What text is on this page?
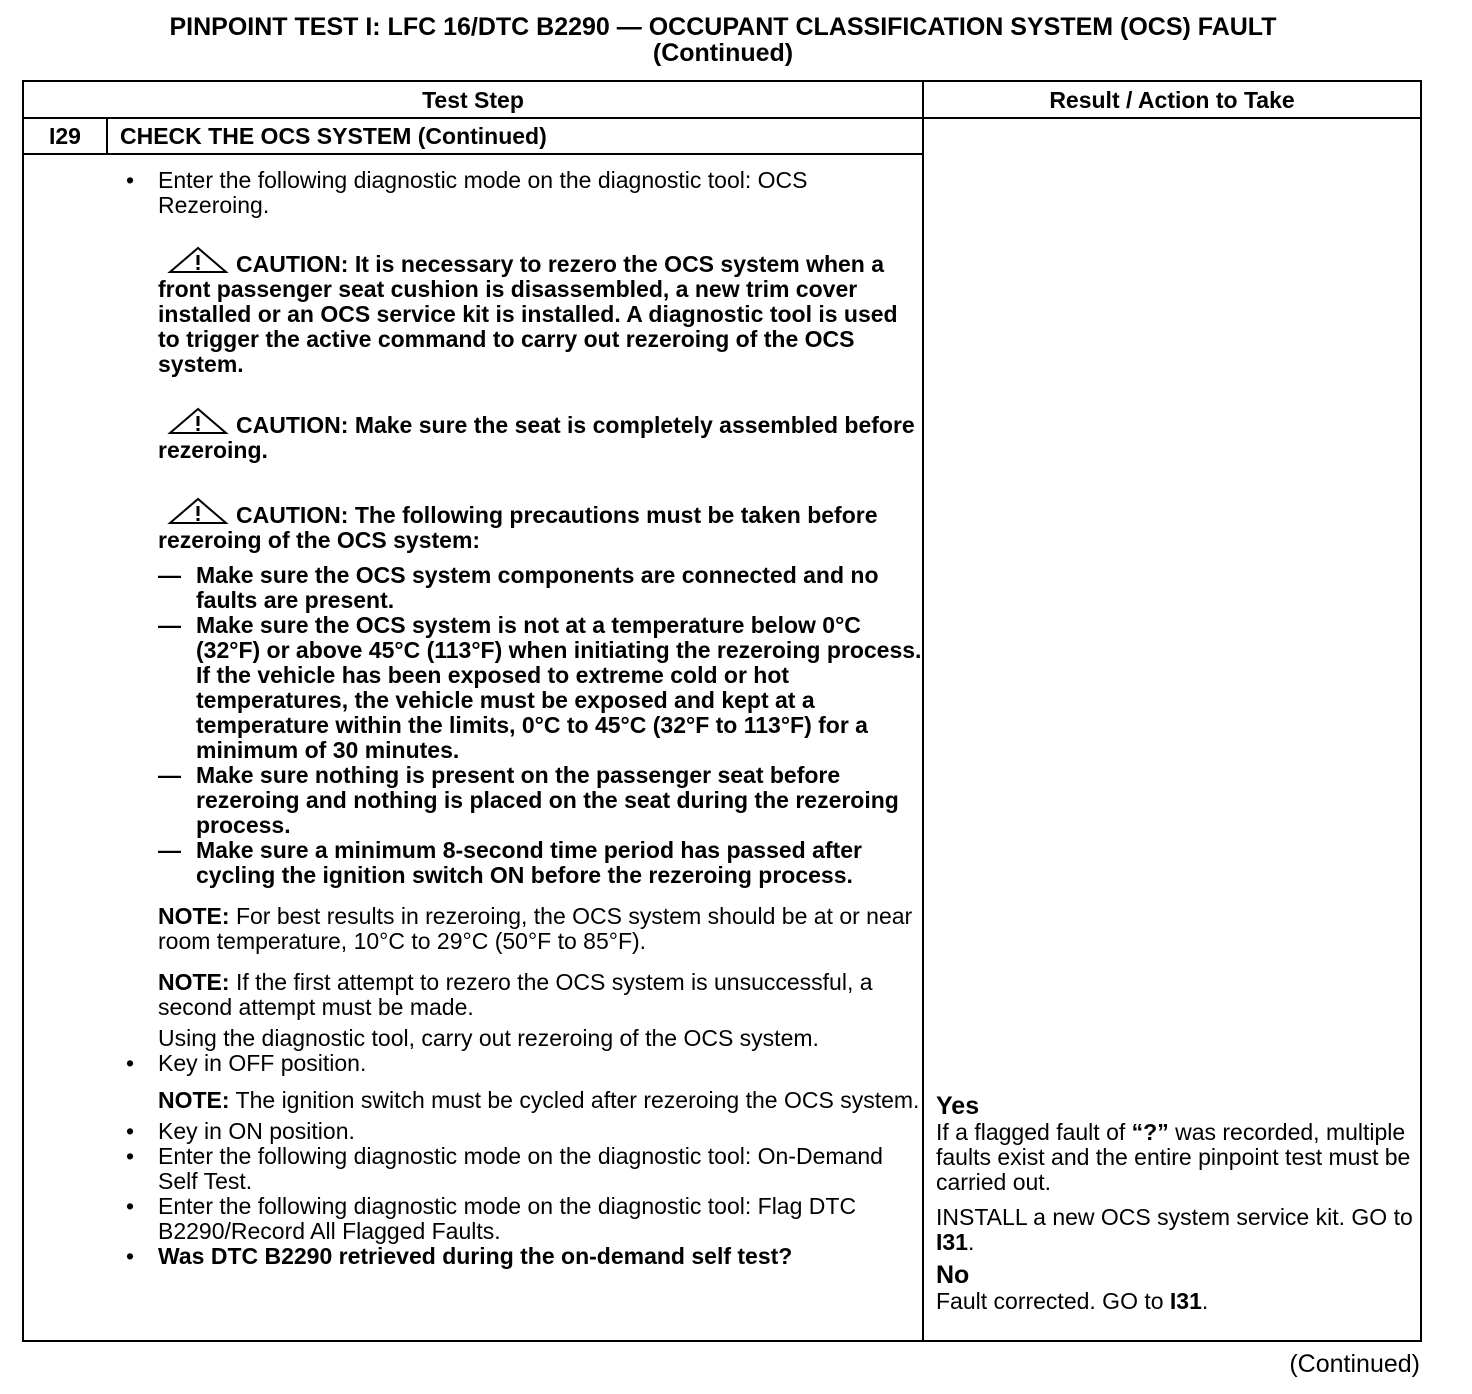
PINPOINT TEST I: LFC 16/DTC B2290 — OCCUPANT CLASSIFICATION SYSTEM (OCS) FAULT
(Continued)
Test Step	Result / Action to Take
I29	CHECK THE OCS SYSTEM (Continued)
• Enter the following diagnostic mode on the diagnostic tool: OCS Rezeroing.
CAUTION: It is necessary to rezero the OCS system when a front passenger seat cushion is disassembled, a new trim cover installed or an OCS service kit is installed. A diagnostic tool is used to trigger the active command to carry out rezeroing of the OCS system.
CAUTION: Make sure the seat is completely assembled before rezeroing.
CAUTION: The following precautions must be taken before rezeroing of the OCS system:
— Make sure the OCS system components are connected and no faults are present.
— Make sure the OCS system is not at a temperature below 0°C (32°F) or above 45°C (113°F) when initiating the rezeroing process. If the vehicle has been exposed to extreme cold or hot temperatures, the vehicle must be exposed and kept at a temperature within the limits, 0°C to 45°C (32°F to 113°F) for a minimum of 30 minutes.
— Make sure nothing is present on the passenger seat before rezeroing and nothing is placed on the seat during the rezeroing process.
— Make sure a minimum 8-second time period has passed after cycling the ignition switch ON before the rezeroing process.
NOTE: For best results in rezeroing, the OCS system should be at or near room temperature, 10°C to 29°C (50°F to 85°F).
NOTE: If the first attempt to rezero the OCS system is unsuccessful, a second attempt must be made.
Using the diagnostic tool, carry out rezeroing of the OCS system.
• Key in OFF position.
NOTE: The ignition switch must be cycled after rezeroing the OCS system.
• Key in ON position.
• Enter the following diagnostic mode on the diagnostic tool: On-Demand Self Test.
• Enter the following diagnostic mode on the diagnostic tool: Flag DTC B2290/Record All Flagged Faults.
• Was DTC B2290 retrieved during the on-demand self test?
Yes
If a flagged fault of “?” was recorded, multiple faults exist and the entire pinpoint test must be carried out.
INSTALL a new OCS system service kit. GO to I31.
No
Fault corrected. GO to I31.
(Continued)
